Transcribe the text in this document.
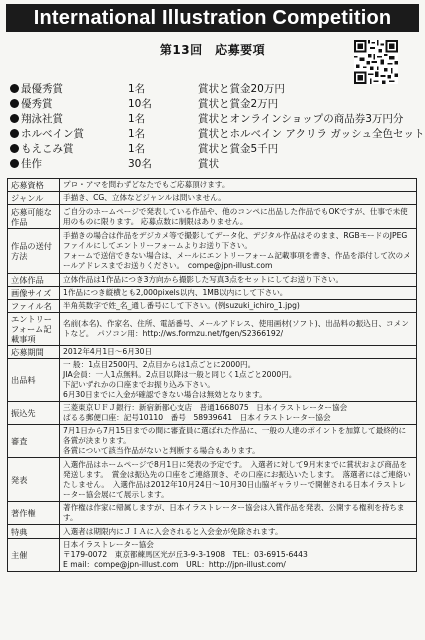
International Illustration Competition
第13回　応募要項
最優秀賞	1名	賞状と賞金20万円
優秀賞	10名	賞状と賞金2万円
翔泳社賞	1名	賞状とオンラインショップの商品券3万円分
ホルベイン賞	1名	賞状とホルベイン アクリラ ガッシュ全色セット
もえこみ賞	1名	賞状と賞金5千円
佳作	30名	賞状
応募資格	プロ・アマを問わずどなたでもご応募頂けます。
ジャンル	手描き、CG、立体などジャンルは問いません。
応募可能な作品	ご自分のホームページで発表している作品や、他のコンペに出品した作品でもOKですが、仕事で未使用のものに限ります。 応募点数に制限はありません。
作品の送付方法	手描きの場合は作品をデジカメ等で撮影してデータ化、デジタル作品はそのまま、RGBモードのJPEGファイルにしてエントリーフォームよりお送り下さい。
フォームで送信できない場合は、メールにエントリーフォーム記載事項を書き、作品を添付して次のメールアドレスまでお送りください。　compe@jpn-illust.com
立体作品	立体作品は1作品につき3方向から撮影した写真3点をセットにしてお送り下さい。
画像サイズ	1作品につき縦横とも2,000pixels以内、1MB以内にして下さい。
ファイル名	半角英数字で姓_名_通し番号にして下さい。(例suzuki_ichiro_1.jpg)
エントリーフォーム記載事項	名前(本名)、作家名、住所、電話番号、メールアドレス、使用画材(ソフト)、出品料の振込日、コメントなど。　パソコン用：http://ws.formzu.net/fgen/S2366192/
応募期間	2012年4月1日〜6月30日
出品料	一 般：1点目2500円、2点目からは1点ごとに2000円。
JIA会員：一人1点無料。2点目以降は一般と同じく1点ごと2000円。
下記いずれかの口座までお振り込み下さい。
6月30日までに入金が確認できない場合は無効となります。
振込先	三菱東京ＵＦＪ銀行：新宿新都心支店　普通1668075　日本イラストレーター協会
ぱるる郵便口座：記号10110　番号　58939641　日本イラストレーター協会
審査	7月1日から7月15日までの間に審査員に選ばれた作品に、一般の人達のポイントを加算して最終的に各賞が決まります。
各賞について該当作品がないと判断する場合もあります。
発表	入選作品はホームページで8月1日に発表の予定です。　入選者に対して9月末までに賞状および商品を発送します。　賞金は振込先の口座をご連絡頂き、その口座にお振込いたします。　落選者にはご連絡いたしません。　入選作品は2012年10月24日〜10月30日山脇ギャラリーで開催される日本イラストレーター協会展にて展示します。
著作権	著作権は作家に帰属しますが、日本イラストレーター協会は入賞作品を発表、公開する権利を持ちます。
特典	入選者は期限内にＪＩＡに入会されると入会金が免除されます。
主催	日本イラストレーター協会
〒179-0072　東京都練馬区光が丘3-9-3-1908　TEL：03-6915-6443
E mail：compe@jpn-illust.com　URL：http://jpn-illust.com/
